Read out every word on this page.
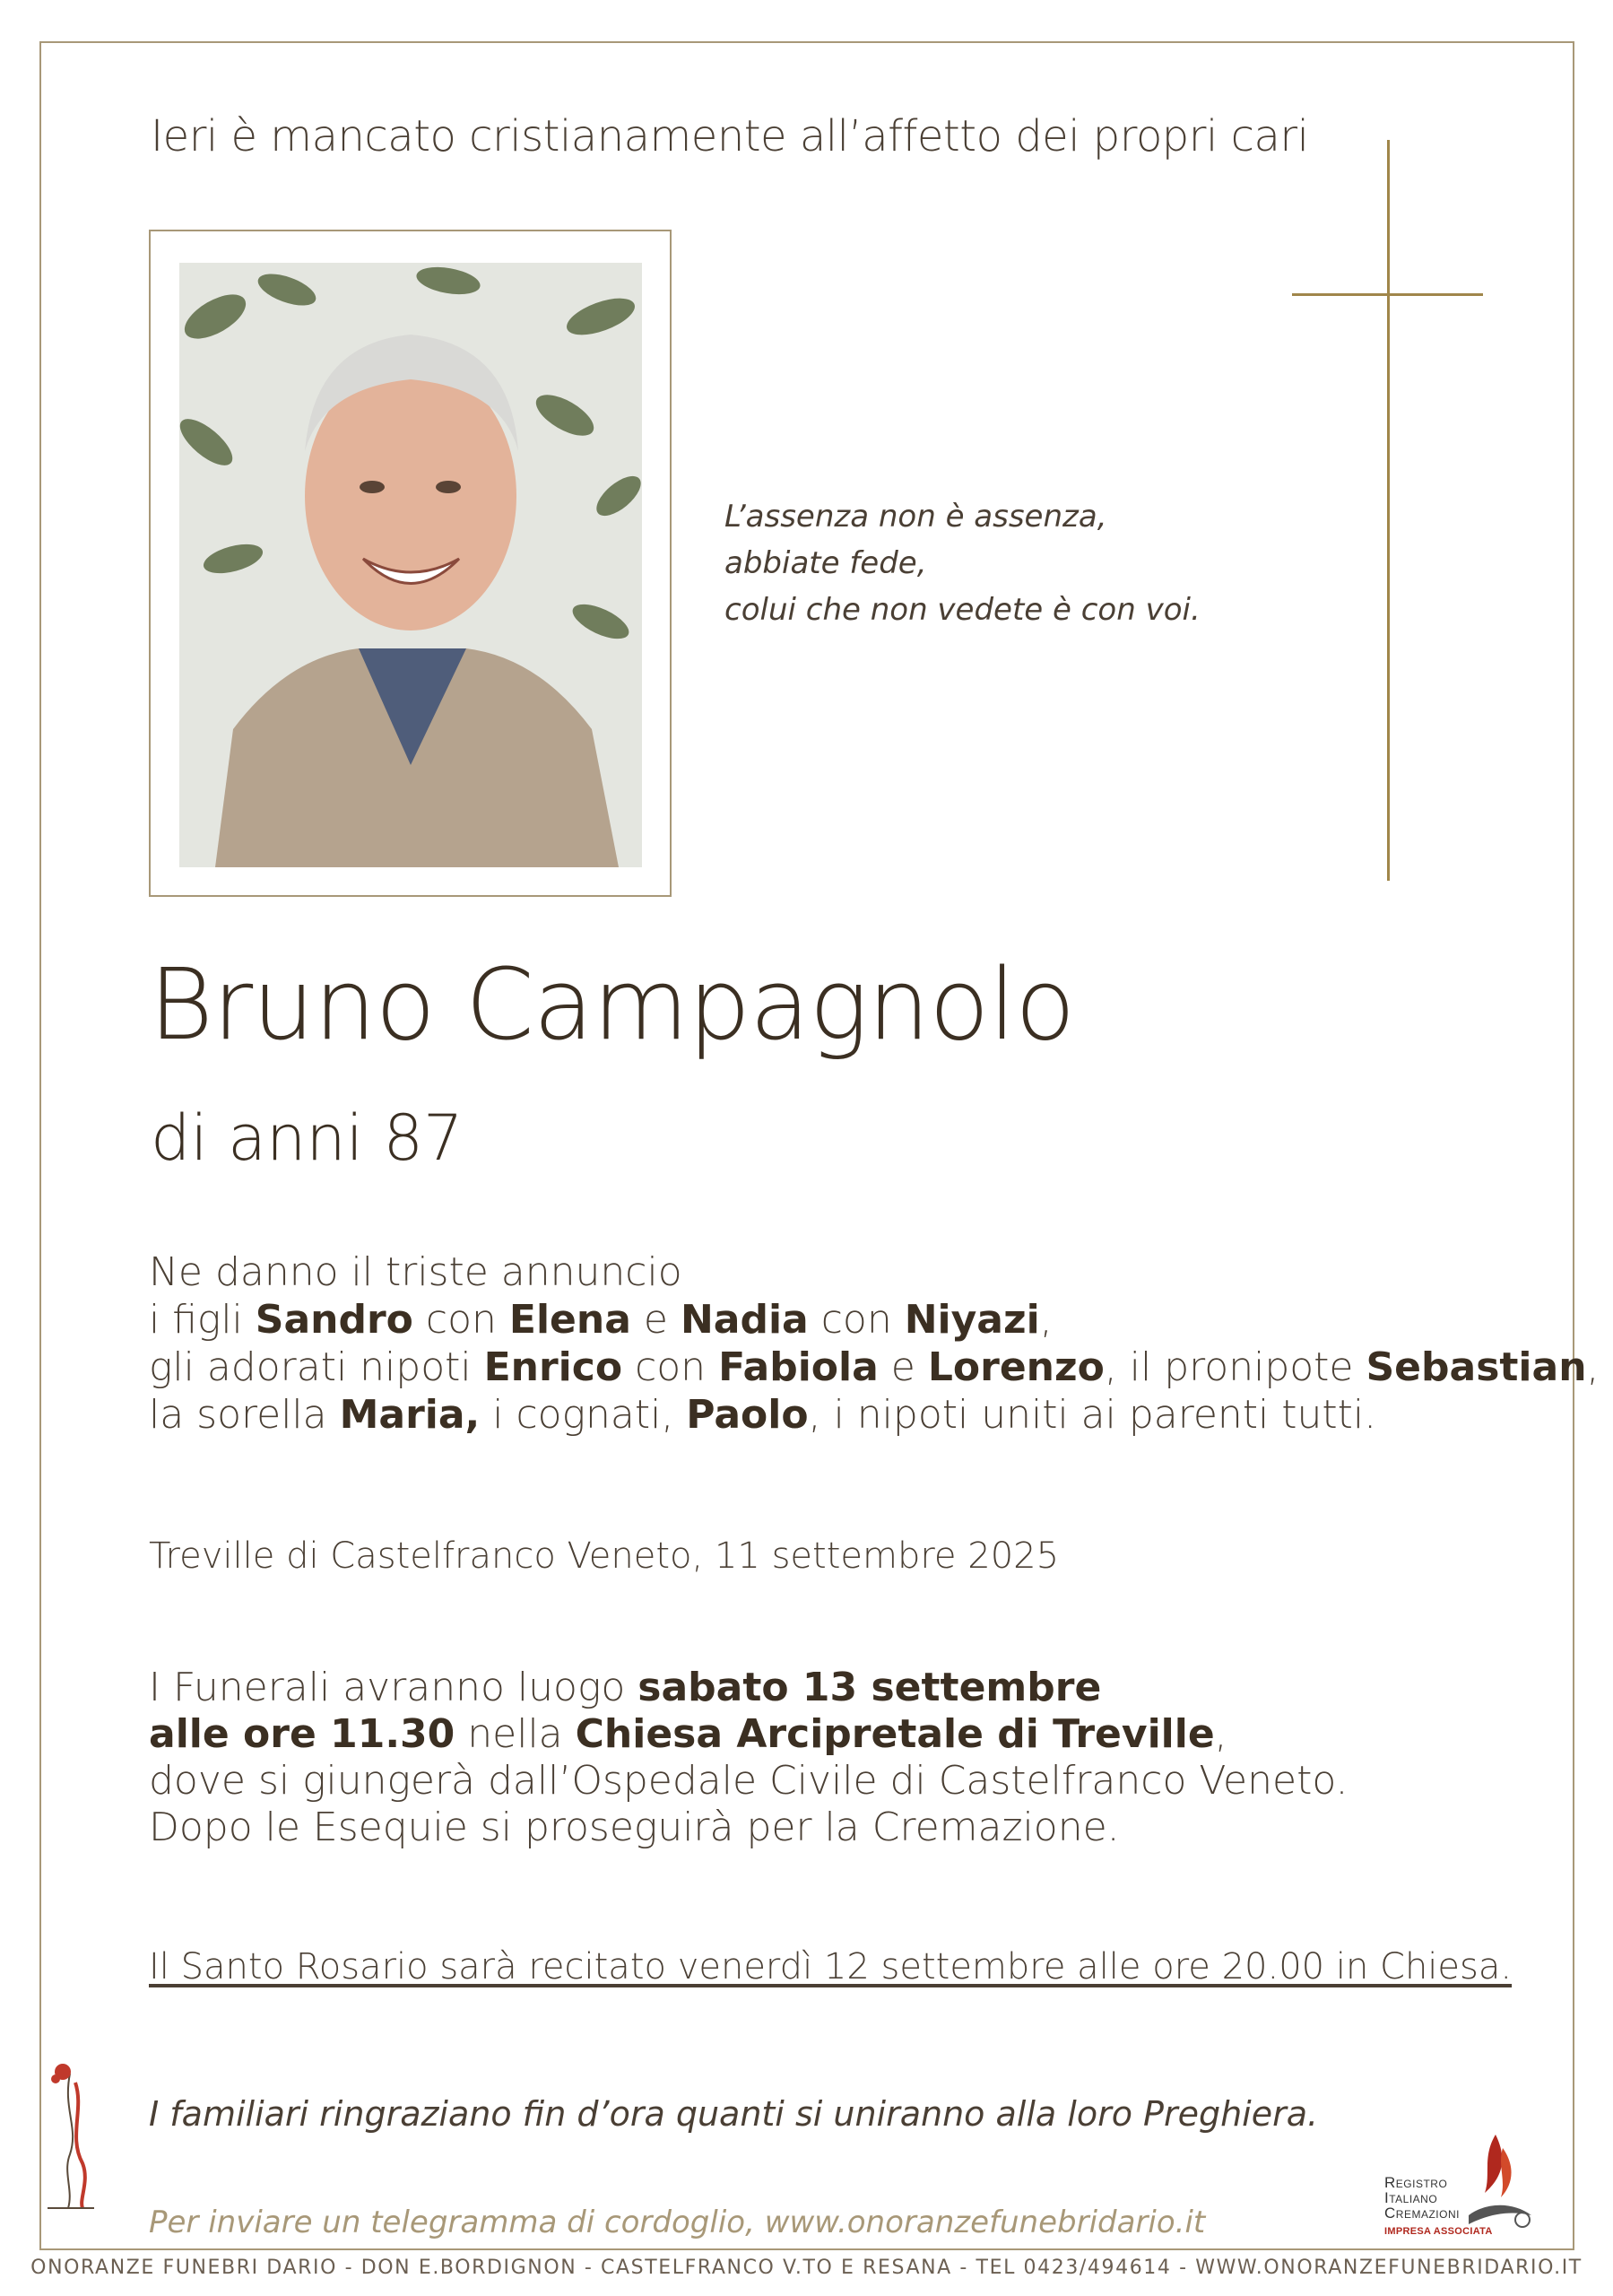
Ieri è mancato cristianamente all’affetto dei propri cari
L’assenza non è assenza,
abbiate fede,
colui che non vedete è con voi.
Bruno Campagnolo
di anni 87
Ne danno il triste annuncio
i figli Sandro con Elena e Nadia con Niyazi,
gli adorati nipoti Enrico con Fabiola e Lorenzo, il pronipote Sebastian,
la sorella Maria, i cognati, Paolo, i nipoti uniti ai parenti tutti.
Treville di Castelfranco Veneto, 11 settembre 2025
I Funerali avranno luogo sabato 13 settembre
alle ore 11.30 nella Chiesa Arcipretale di Treville,
dove si giungerà dall’Ospedale Civile di Castelfranco Veneto.
Dopo le Esequie si proseguirà per la Cremazione.
Il Santo Rosario sarà recitato venerdì 12 settembre alle ore 20.00 in Chiesa.
I familiari ringraziano fin d’ora quanti si uniranno alla loro Preghiera.
Per inviare un telegramma di cordoglio, www.onoranzefunebridario.it
Registro
Italiano
Cremazioni
IMPRESA ASSOCIATA
ONORANZE FUNEBRI DARIO - DON E.BORDIGNON - CASTELFRANCO V.TO E RESANA - TEL 0423/494614 - WWW.ONORANZEFUNEBRIDARIO.IT
